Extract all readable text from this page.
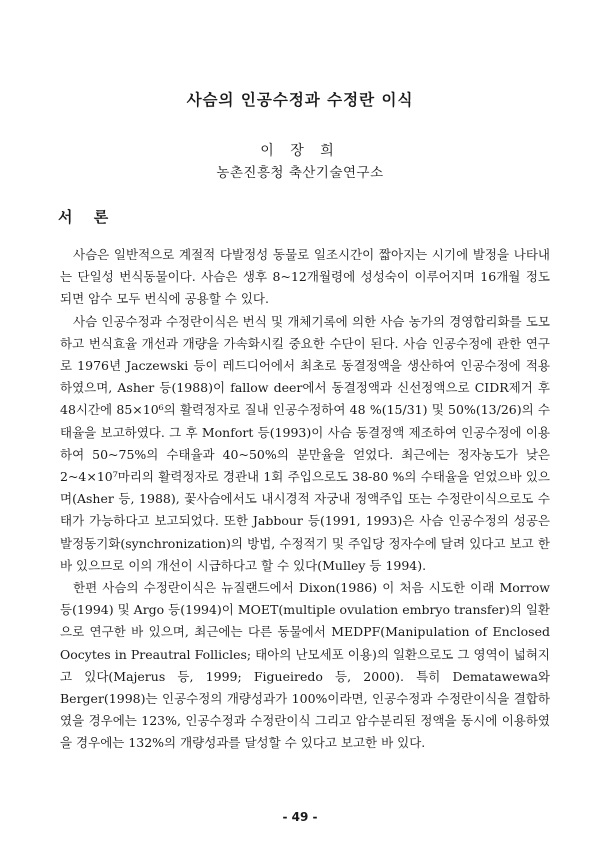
사슴의 인공수정과 수정란 이식
이 장 희
농촌진흥청 축산기술연구소
서 론

사슴은 일반적으로 계절적 다발정성 동물로 일조시간이 짧아지는 시기에 발정을 나타내는 단일성 번식동물이다. 사슴은 생후 8~12개월령에 성성숙이 이루어지며 16개월 정도 되면 암수 모두 번식에 공용할 수 있다.

사슴 인공수정과 수정란이식은 번식 및 개체기록에 의한 사슴 농가의 경영합리화를 도모하고 번식효율 개선과 개량을 가속화시킬 중요한 수단이 된다. 사슴 인공수정에 관한 연구로 1976년 Jaczewski 등이 레드디어에서 최초로 동결정액을 생산하여 인공수정에 적용하였으며, Asher 등(1988)이 fallow deer에서 동결정액과 신선정액으로 CIDR제거 후 48시간에 85×10⁶의 활력정자로 질내 인공수정하여 48 %(15/31) 및 50%(13/26)의 수태율을 보고하였다. 그 후 Monfort 등(1993)이 사슴 동결정액 제조하여 인공수정에 이용하여 50~75%의 수태율과 40~50%의 분만율을 얻었다. 최근에는 정자농도가 낮은 2~4×10⁷마리의 활력정자로 경관내 1회 주입으로도 38-80 %의 수태율을 얻었으바 있으며(Asher 등, 1988), 꽃사슴에서도 내시경적 자궁내 정액주입 또는 수정란이식으로도 수태가 가능하다고 보고되었다. 또한 Jabbour 등(1991, 1993)은 사슴 인공수정의 성공은 발정동기화(synchronization)의 방법, 수정적기 및 주입당 정자수에 달려 있다고 보고 한 바 있으므로 이의 개선이 시급하다고 할 수 있다(Mulley 등 1994).

한편 사슴의 수정란이식은 뉴질랜드에서 Dixon(1986) 이 처음 시도한 이래 Morrow 등(1994) 및 Argo 등(1994)이 MOET(multiple ovulation embryo transfer)의 일환으로 연구한 바 있으며, 최근에는 다른 동물에서 MEDPF(Manipulation of Enclosed Oocytes in Preautral Follicles; 태아의 난모세포 이용)의 일환으로도 그 영역이 넓혀지고 있다(Majerus 등, 1999; Figueiredo 등, 2000). 특히 Dematawewa와 Berger(1998)는 인공수정의 개량성과가 100%이라면, 인공수정과 수정란이식을 결합하였을 경우에는 123%, 인공수정과 수정란이식 그리고 암수분리된 정액을 동시에 이용하였을 경우에는 132%의 개량성과를 달성할 수 있다고 보고한 바 있다.

- 49 -
